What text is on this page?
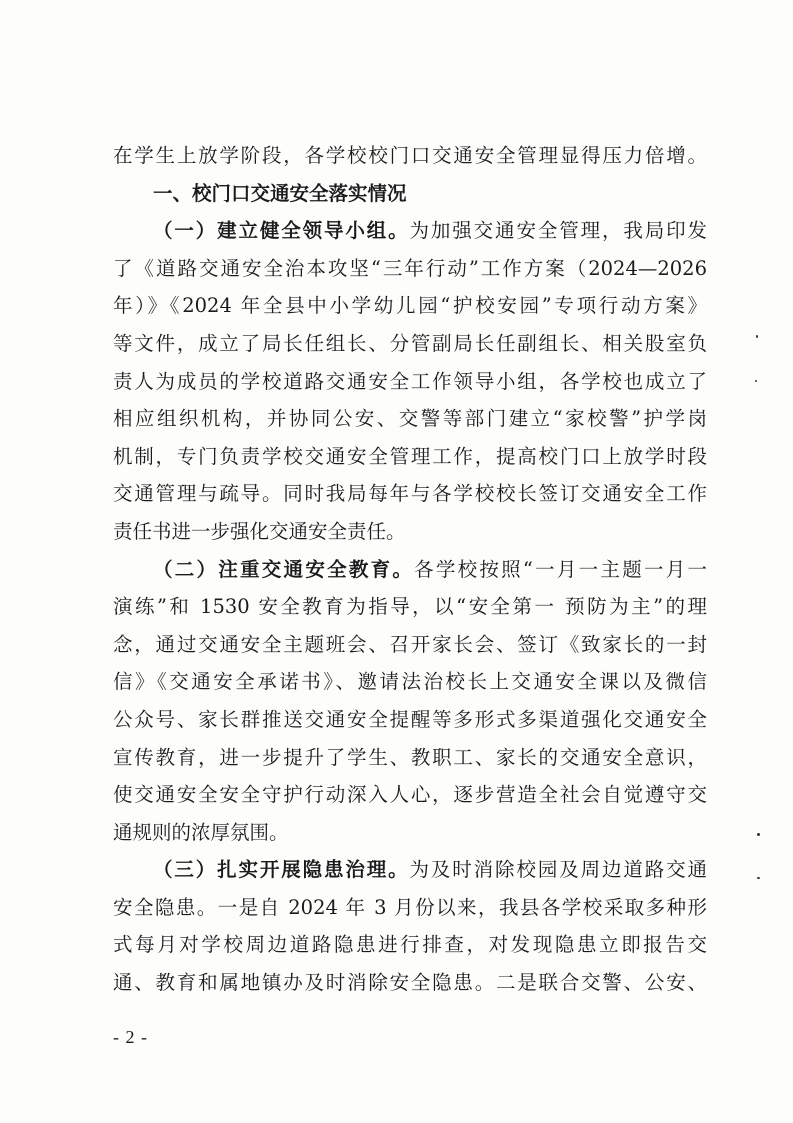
在学生上放学阶段，各学校校门口交通安全管理显得压力倍增。
一、校门口交通安全落实情况
（一）建立健全领导小组。为加强交通安全管理，我局印发
了《道路交通安全治本攻坚“三年行动”工作方案（2024—2026
年）》《2024 年全县中小学幼儿园“护校安园”专项行动方案》
等文件，成立了局长任组长、分管副局长任副组长、相关股室负
责人为成员的学校道路交通安全工作领导小组，各学校也成立了
相应组织机构，并协同公安、交警等部门建立“家校警”护学岗
机制，专门负责学校交通安全管理工作，提高校门口上放学时段
交通管理与疏导。同时我局每年与各学校校长签订交通安全工作
责任书进一步强化交通安全责任。
（二）注重交通安全教育。各学校按照“一月一主题一月一
演练”和 1530 安全教育为指导，以“安全第一 预防为主”的理
念，通过交通安全主题班会、召开家长会、签订《致家长的一封
信》《交通安全承诺书》、邀请法治校长上交通安全课以及微信
公众号、家长群推送交通安全提醒等多形式多渠道强化交通安全
宣传教育，进一步提升了学生、教职工、家长的交通安全意识，
使交通安全安全守护行动深入人心，逐步营造全社会自觉遵守交
通规则的浓厚氛围。
（三）扎实开展隐患治理。为及时消除校园及周边道路交通
安全隐患。一是自 2024 年 3 月份以来，我县各学校采取多种形
式每月对学校周边道路隐患进行排查，对发现隐患立即报告交
通、教育和属地镇办及时消除安全隐患。二是联合交警、公安、
- 2 -
